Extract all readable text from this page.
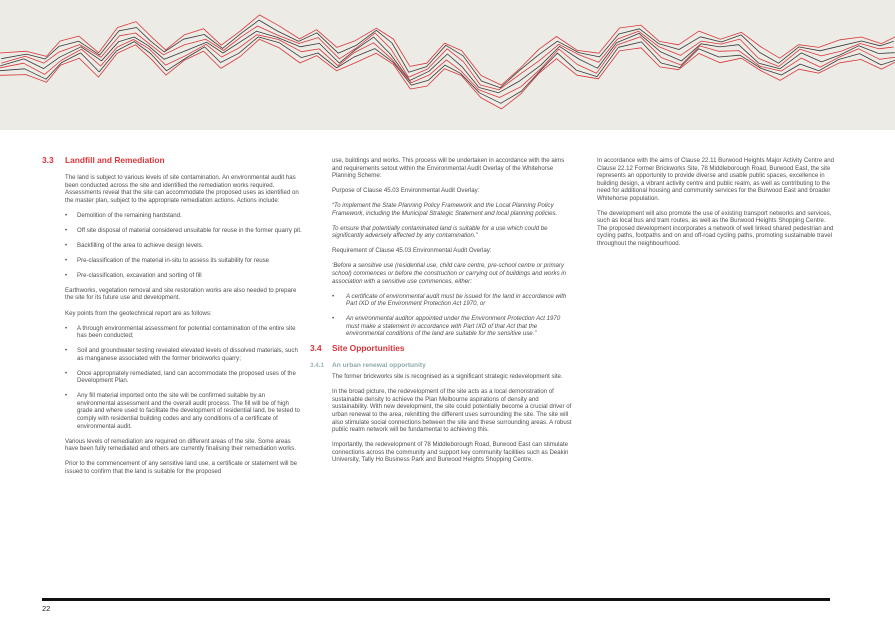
3.3 Landfill and Remediation

The land is subject to various levels of site contamination. An environmental audit has been conducted across the site and identified the remediation works required. Assessments reveal that the site can accommodate the proposed uses as identified on the master plan, subject to the appropriate remediation actions. Actions include:

• Demolition of the remaining hardstand.
• Off site disposal of material considered unsuitable for reuse in the former quarry pit.
• Backfilling of the area to achieve design levels.
• Pre-classification of the material in-situ to assess its suitability for reuse
• Pre-classification, excavation and sorting of fill

Earthworks, vegetation removal and site restoration works are also needed to prepare the site for its future use and development.

Key points from the geotechnical report are as follows:

• A through environmental assessment for potential contamination of the entire site has been conducted;
• Soil and groundwater testing revealed elevated levels of dissolved materials, such as manganese associated with the former brickworks quarry;
• Once appropriately remediated, land can accommodate the proposed uses of the Development Plan.
• Any fill material imported onto the site will be confirmed suitable by an environmental assessment and the overall audit process. The fill will be of high grade and where used to facilitate the development of residential land, be tested to comply with residential building codes and any conditions of a certificate of environmental audit.

Various levels of remediation are required on different areas of the site. Some areas have been fully remediated and others are currently finalising their remediation works.

Prior to the commencement of any sensitive land use, a certificate or statement will be issued to confirm that the land is suitable for the proposed

use, buildings and works. This process will be undertaken in accordance with the aims and requirements setout within the Environmental Audit Overlay of the Whitehorse Planning Scheme:

Purpose of Clause 45.03 Environmental Audit Overlay:

“To implement the State Planning Policy Framework and the Local Planning Policy Framework, including the Municipal Strategic Statement and local planning policies.

To ensure that potentially contaminated land is suitable for a use which could be significantly adversely affected by any contamination.”

Requirement of Clause 45.03 Environmental Audit Overlay:

‘Before a sensitive use (residential use, child care centre, pre-school centre or primary school) commences or before the construction or carrying out of buildings and works in association with a sensitive use commences, either:

• A certificate of environmental audit must be issued for the land in accordance with Part IXD of the Environment Protection Act 1970, or
• An environmental auditor appointed under the Environment Protection Act 1970 must make a statement in accordance with Part IXD of that Act that the environmental conditions of the land are suitable for the sensitive use.”
3.4 Site Opportunities
3.4.1 An urban renewal opportunity

The former brickworks site is recognised as a significant strategic redevelopment site.

In the broad picture, the redevelopment of the site acts as a local demonstration of sustainable density to achieve the Plan Melbourne aspirations of density and sustainability. With new development, the site could potentially become a crucial driver of urban renewal to the area, reknitting the different uses surrounding the site. The site will also stimulate social connections between the site and these surrounding areas. A robust public realm network will be fundamental to achieving this.

Importantly, the redevelopment of 78 Middleborough Road, Burwood East can stimulate connections across the community and support key community facilities such as Deakin University, Tally Ho Business Park and Burwood Heights Shopping Centre.

In accordance with the aims of Clause 22.11 Burwood Heights Major Activity Centre and Clause 22.12 Former Brickworks Site, 78 Middleborough Road, Burwood East, the site represents an opportunity to provide diverse and usable public spaces, excellence in building design, a vibrant activity centre and public realm, as well as contributing to the need for additional housing and community services for the Burwood East and broader Whitehorse population.

The development will also promote the use of existing transport networks and services, such as local bus and tram routes, as well as the Burwood Heights Shopping Centre. The proposed development incorporates a network of well linked shared pedestrian and cycling paths, footpaths and on and off-road cycling paths, promoting sustainable travel throughout the neighbourhood.

22
